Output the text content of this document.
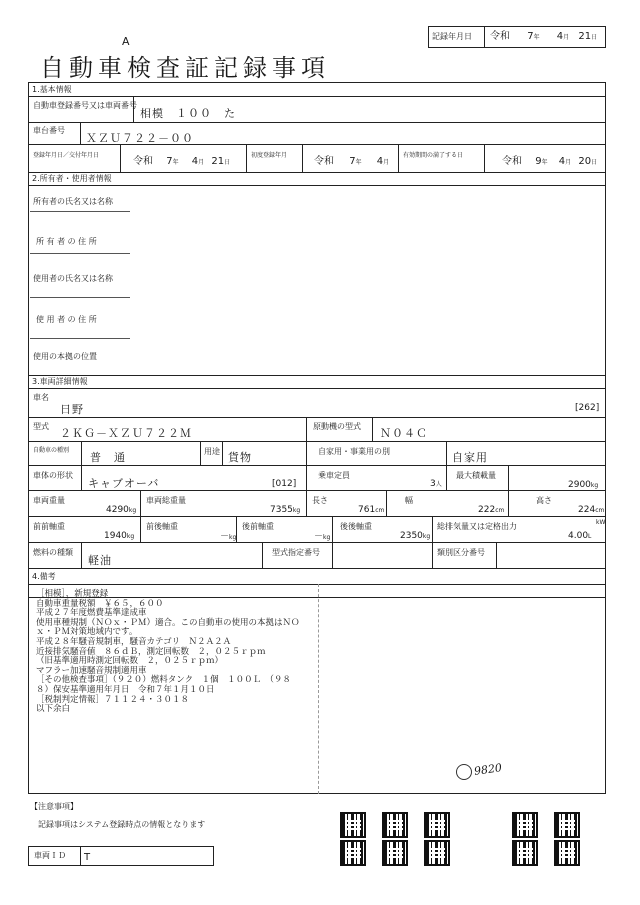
A
自動車検査証記録事項
記録年月日 令和 7年 4月 21日
1.基本情報
自動車登録番号又は車両番号
相模　１００　た
車台番号
ＸＺＵ７２２－００
登録年月日／交付年月日
令和 7年 4月 21日
初度登録年月
令和 7年 4月
有効期間の満了する日
令和 9年 4月 20日
2.所有者・使用者情報
所有者の氏名又は名称
所 有 者 の 住 所
使用者の氏名又は名称
使 用 者 の 住 所
使用の本拠の位置
3.車両詳細情報
車名
日野	[262]
型式
２ＫＧ－ＸＺＵ７２２Ｍ
原動機の型式
Ｎ０４Ｃ
自動車の種別
普　通	用途 貨物	自家用・事業用の別	自家用
車体の形状
キャブオーバ	[012]
乗車定員
3人
最大積載量
2900kg
車両重量
4290kg
車両総重量
7355kg
長さ
761cm
幅
222cm
高さ
224cm
前前軸重
1940kg
前後軸重
－kg
後前軸重
－kg
後後軸重
2350kg
総排気量又は定格出力	kW
4.00L
燃料の種類
軽油
型式指定番号	類別区分番号
4.備考
［相模］，新規登録
自動車重量税額　￥６５，６００
平成２７年度燃費基準達成車
使用車種規制（ＮＯｘ・ＰＭ）適合。この自動車の使用の本拠はＮＯ
ｘ・ＰＭ対策地域内です。
平成２８年騒音規制車，騒音カテゴリ　Ｎ２Ａ２Ａ
近接排気騒音値　８６ｄＢ，測定回転数　２，０２５ｒｐｍ
（旧基準適用時測定回転数　２，０２５ｒｐｍ）
マフラー加速騒音規制適用車
［その他検査事項］（９２０）燃料タンク　１個　１００Ｌ　（９８
８）保安基準適用年月日　令和７年１月１０日
［税制判定情報］７１１２４・３０１８
以下余白
9820
【注意事項】
記録事項はシステム登録時点の情報となります
車両ＩＤ T
